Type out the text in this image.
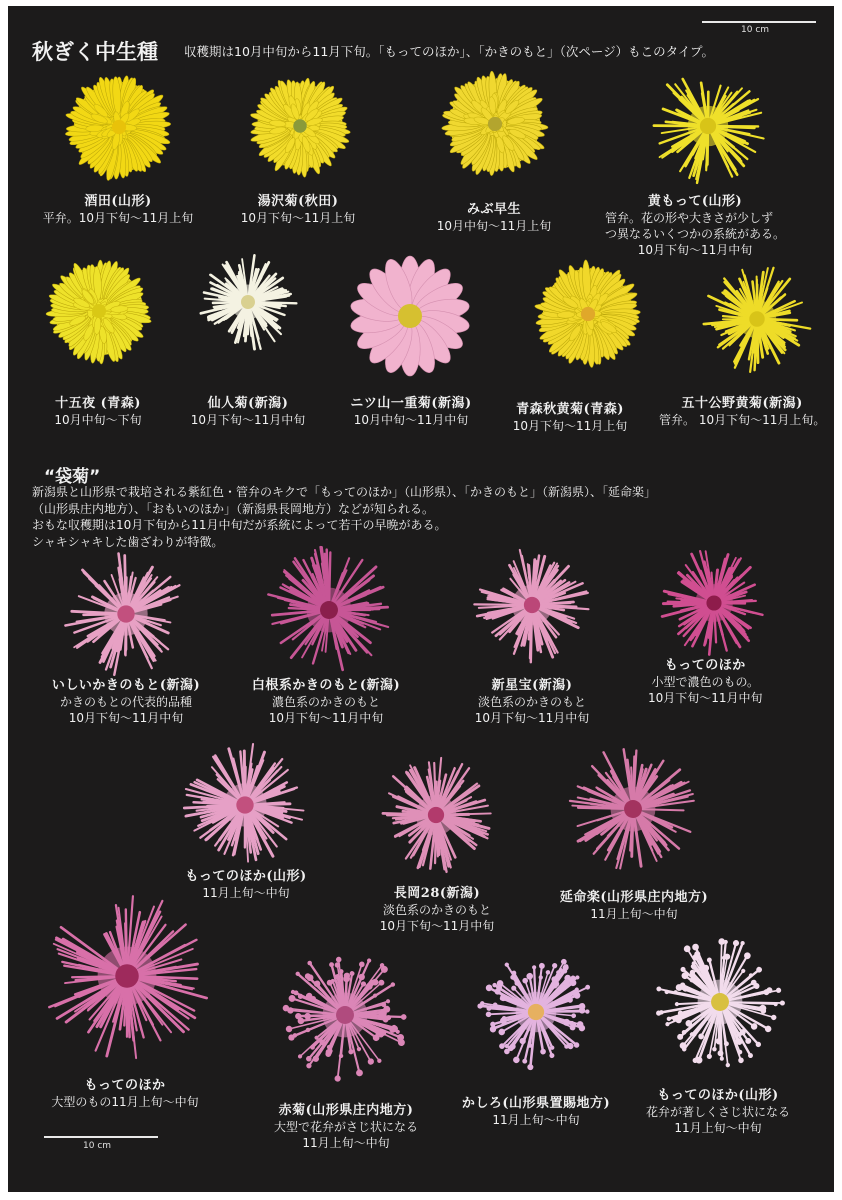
10 cm
秋ぎく中生種 収穫期は10月中旬から11月下旬。「もってのほか」、「かきのもと」（次ページ）もこのタイプ。
酒田(山形)
平弁。10月下旬〜11月上旬
湯沢菊(秋田)
10月下旬〜11月上旬
みぶ早生
10月中旬〜11月上旬
黄もって(山形)
管弁。花の形や大きさが少しず
つ異なるいくつかの系統がある。
10月下旬〜11月中旬
十五夜 (青森)
10月中旬〜下旬
仙人菊(新潟)
10月下旬〜11月中旬
ニツ山一重菊(新潟)
10月中旬〜11月中旬
青森秋黄菊(青森)
10月下旬〜11月上旬
五十公野黄菊(新潟)
管弁。 10月下旬〜11月上旬。
いしいかきのもと(新潟)
かきのもとの代表的品種
10月下旬〜11月中旬
白根系かきのもと(新潟)
濃色系のかきのもと
10月下旬〜11月中旬
新星宝(新潟)
淡色系のかきのもと
10月下旬〜11月中旬
もってのほか
小型で濃色のもの。
10月下旬〜11月中旬
もってのほか(山形)
11月上旬〜中旬	長岡28(新潟)
淡色系のかきのもと
10月下旬〜11月中旬
延命楽(山形県庄内地方)
11月上旬〜中旬
もってのほか
大型のもの11月上旬〜中旬
赤菊(山形県庄内地方)
大型で花弁がさじ状になる
11月上旬〜中旬
かしろ(山形県置賜地方)
11月上旬〜中旬
もってのほか(山形)
花弁が著しくさじ状になる
11月上旬〜中旬
“袋菊”
新潟県と山形県で栽培される紫紅色・管弁のキクで「もってのほか」（山形県）、「かきのもと」（新潟県）、「延命楽」
（山形県庄内地方）、「おもいのほか」（新潟県長岡地方）などが知られる。
おもな収穫期は10月下旬から11月中旬だが系統によって若干の早晩がある。
シャキシャキした歯ざわりが特徴。
10 cm
